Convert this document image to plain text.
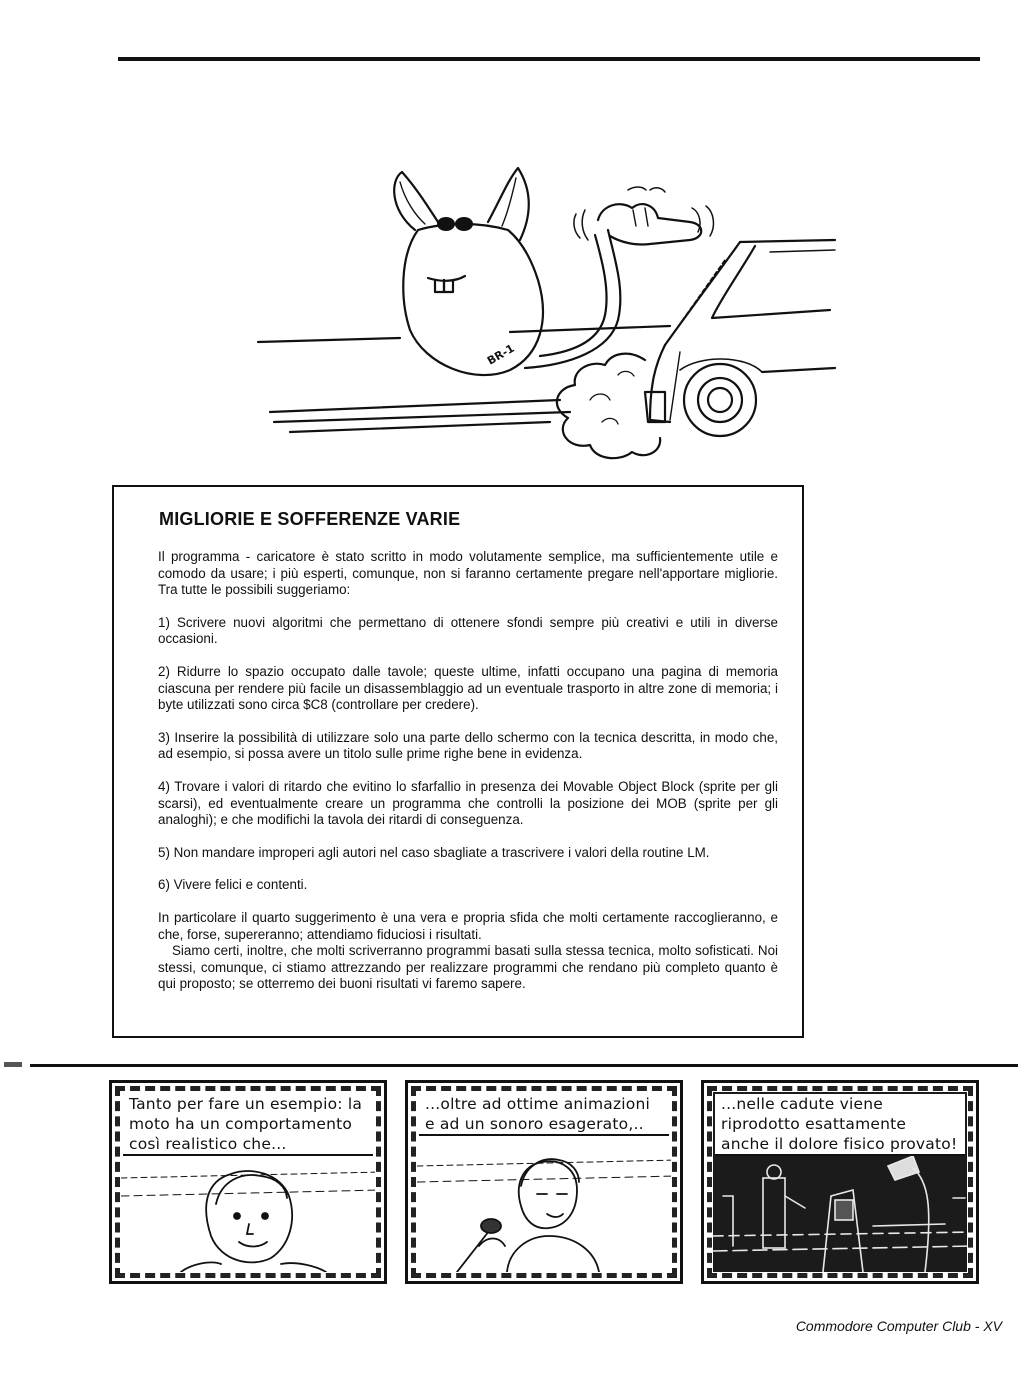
BR-1
MIGLIORIE E SOFFERENZE VARIE

Il programma - caricatore è stato scritto in modo volutamente semplice, ma sufficientemente utile e comodo da usare; i più esperti, comunque, non si faranno certamente pregare nell'apportare migliorie. Tra tutte le possibili suggeriamo:

1) Scrivere nuovi algoritmi che permettano di ottenere sfondi sempre più creativi e utili in diverse occasioni.

2) Ridurre lo spazio occupato dalle tavole; queste ultime, infatti occupano una pagina di memoria ciascuna per rendere più facile un disassemblaggio ad un eventuale trasporto in altre zone di memoria; i byte utilizzati sono circa $C8 (controllare per credere).

3) Inserire la possibilità di utilizzare solo una parte dello schermo con la tecnica descritta, in modo che, ad esempio, si possa avere un titolo sulle prime righe bene in evidenza.

4) Trovare i valori di ritardo che evitino lo sfarfallio in presenza dei Movable Object Block (sprite per gli scarsi), ed eventualmente creare un programma che controlli la posizione dei MOB (sprite per gli analoghi); e che modifichi la tavola dei ritardi di conseguenza.

5) Non mandare improperi agli autori nel caso sbagliate a trascrivere i valori della routine LM.

6) Vivere felici e contenti.

In particolare il quarto suggerimento è una vera e propria sfida che molti certamente raccoglieranno, e che, forse, supereranno; attendiamo fiduciosi i risultati.

Siamo certi, inoltre, che molti scriverranno programmi basati sulla stessa tecnica, molto sofisticati. Noi stessi, comunque, ci stiamo attrezzando per realizzare programmi che rendano più completo quanto è qui proposto; se otterremo dei buoni risultati vi faremo sapere.

Tanto per fare un esempio: la moto ha un comportamento così realistico che...
...oltre ad ottime animazioni e ad un sonoro esagerato,..
...nelle cadute viene riprodotto esattamente anche il dolore fisico provato!
Commodore Computer Club - XV
